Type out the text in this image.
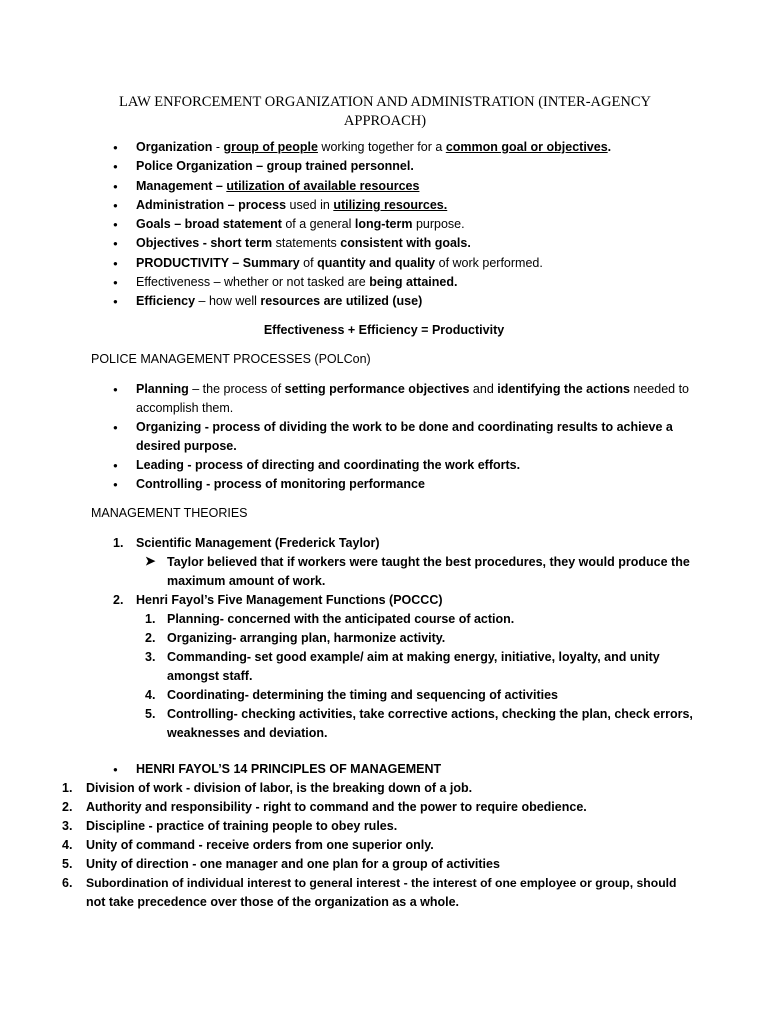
LAW ENFORCEMENT ORGANIZATION AND ADMINISTRATION (INTER-AGENCY APPROACH)
● Organization - group of people working together for a common goal or objectives.
● Police Organization – group trained personnel.
● Management – utilization of available resources
● Administration – process used in utilizing resources.
● Goals – broad statement of a general long-term purpose.
● Objectives - short term statements consistent with goals.
● PRODUCTIVITY – Summary of quantity and quality of work performed.
● Effectiveness – whether or not tasked are being attained.
● Efficiency – how well resources are utilized (use)
Effectiveness + Efficiency = Productivity
POLICE MANAGEMENT PROCESSES (POLCon)
● Planning – the process of setting performance objectives and identifying the actions needed to
accomplish them.
● Organizing - process of dividing the work to be done and coordinating results to achieve a
desired purpose.
● Leading - process of directing and coordinating the work efforts.
● Controlling - process of monitoring performance
MANAGEMENT THEORIES
1. Scientific Management (Frederick Taylor)
➤ Taylor believed that if workers were taught the best procedures, they would produce the
maximum amount of work.
2. Henri Fayol’s Five Management Functions (POCCC)
1. Planning- concerned with the anticipated course of action.
2. Organizing- arranging plan, harmonize activity.
3. Commanding- set good example/ aim at making energy, initiative, loyalty, and unity
amongst staff.
4. Coordinating- determining the timing and sequencing of activities
5. Controlling- checking activities, take corrective actions, checking the plan, check errors,
weaknesses and deviation.
● HENRI FAYOL’S 14 PRINCIPLES OF MANAGEMENT
1. Division of work - division of labor, is the breaking down of a job.
2. Authority and responsibility - right to command and the power to require obedience.
3. Discipline - practice of training people to obey rules.
4. Unity of command - receive orders from one superior only.
5. Unity of direction - one manager and one plan for a group of activities
6. Subordination of individual interest to general interest - the interest of one employee or group, should
not take precedence over those of the organization as a whole.
